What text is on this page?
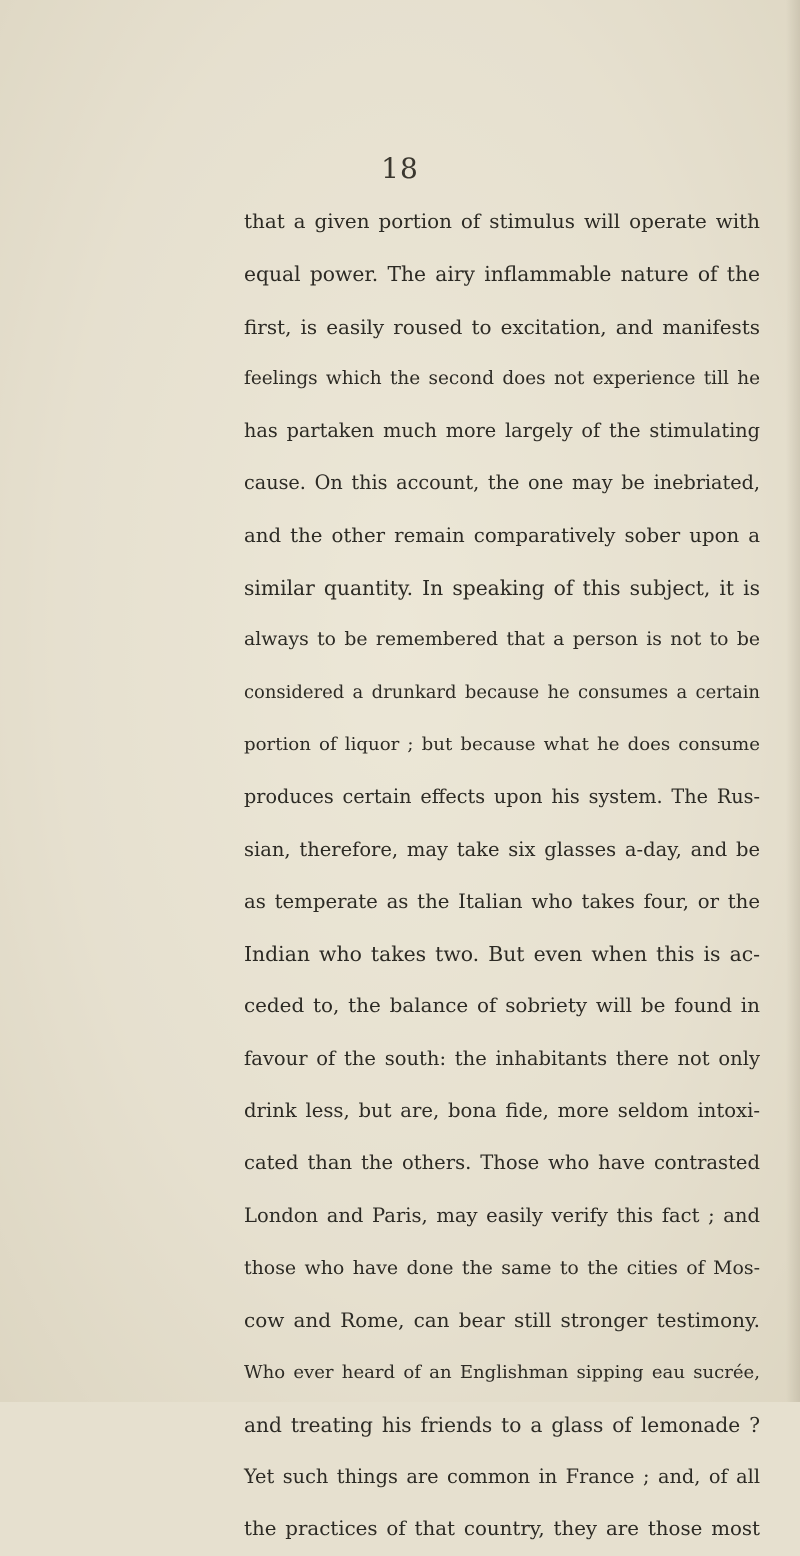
18
that a given portion of stimulus will operate with
equal power. The airy inflammable nature of the
first, is easily roused to excitation, and manifests
feelings which the second does not experience till he
has partaken much more largely of the stimulating
cause. On this account, the one may be inebriated,
and the other remain comparatively sober upon a
similar quantity. In speaking of this subject, it is
always to be remembered that a person is not to be
considered a drunkard because he consumes a certain
portion of liquor ; but because what he does consume
produces certain effects upon his system. The Rus-
sian, therefore, may take six glasses a-day, and be
as temperate as the Italian who takes four, or the
Indian who takes two. But even when this is ac-
ceded to, the balance of sobriety will be found in
favour of the south: the inhabitants there not only
drink less, but are, bona fide, more seldom intoxi-
cated than the others. Those who have contrasted
London and Paris, may easily verify this fact ; and
those who have done the same to the cities of Mos-
cow and Rome, can bear still stronger testimony.
Who ever heard of an Englishman sipping eau sucrée,
and treating his friends to a glass of lemonade ?
Yet such things are common in France ; and, of all
the practices of that country, they are those most
